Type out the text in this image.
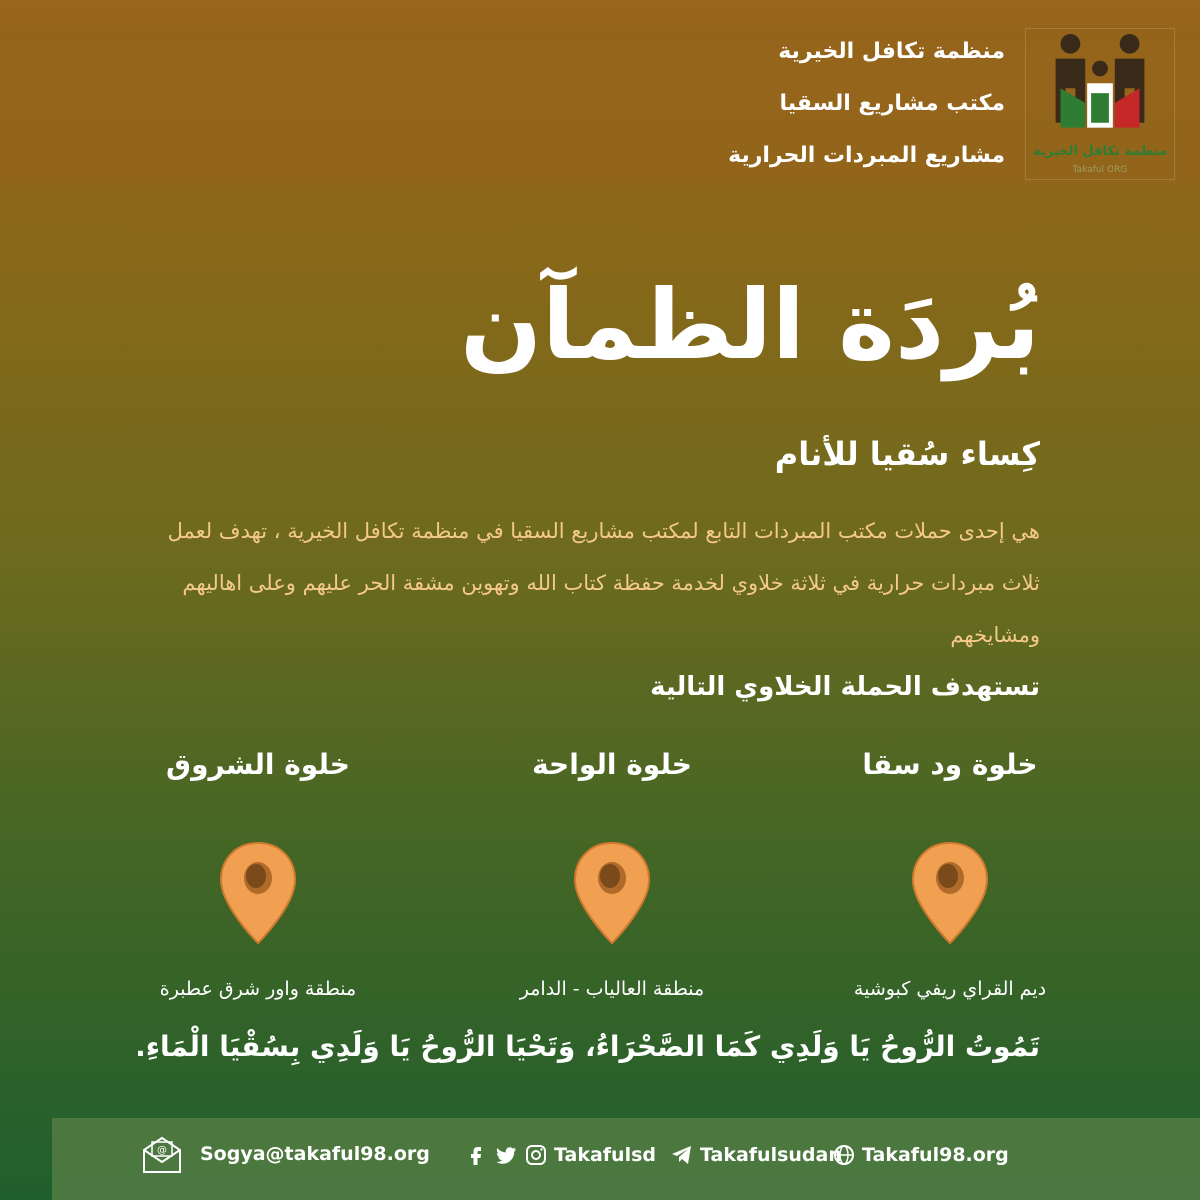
منظمة تكافل الخيرية
مكتب مشاريع السقيا
مشاريع المبردات الحرارية	منظمة تكافل الخيرية
Takaful ORG
بُردَة الظمآن
كِساء سُقيا للأنام
هي إحدى حملات مكتب المبردات التابع لمكتب مشاريع السقيا في منظمة تكافل الخيرية ، تهدف لعمل ثلاث مبردات حرارية في ثلاثة خلاوي لخدمة حفظة كتاب الله وتهوين مشقة الحر عليهم وعلى اهاليهم ومشايخهم
تستهدف الحملة الخلاوي التالية
خلوة ود سقا
ديم القراي ريفي كبوشية
خلوة الواحة
منطقة العالياب - الدامر
خلوة الشروق
منطقة واور شرق عطبرة
تَمُوتُ الرُّوحُ يَا وَلَدِي كَمَا الصَّحْرَاءُ، وَتَحْيَا الرُّوحُ يَا وَلَدِي بِسُقْيَا الْمَاءِ.
@ Sogya@takaful98.org	Takafulsd Takafulsudan Takaful98.org
